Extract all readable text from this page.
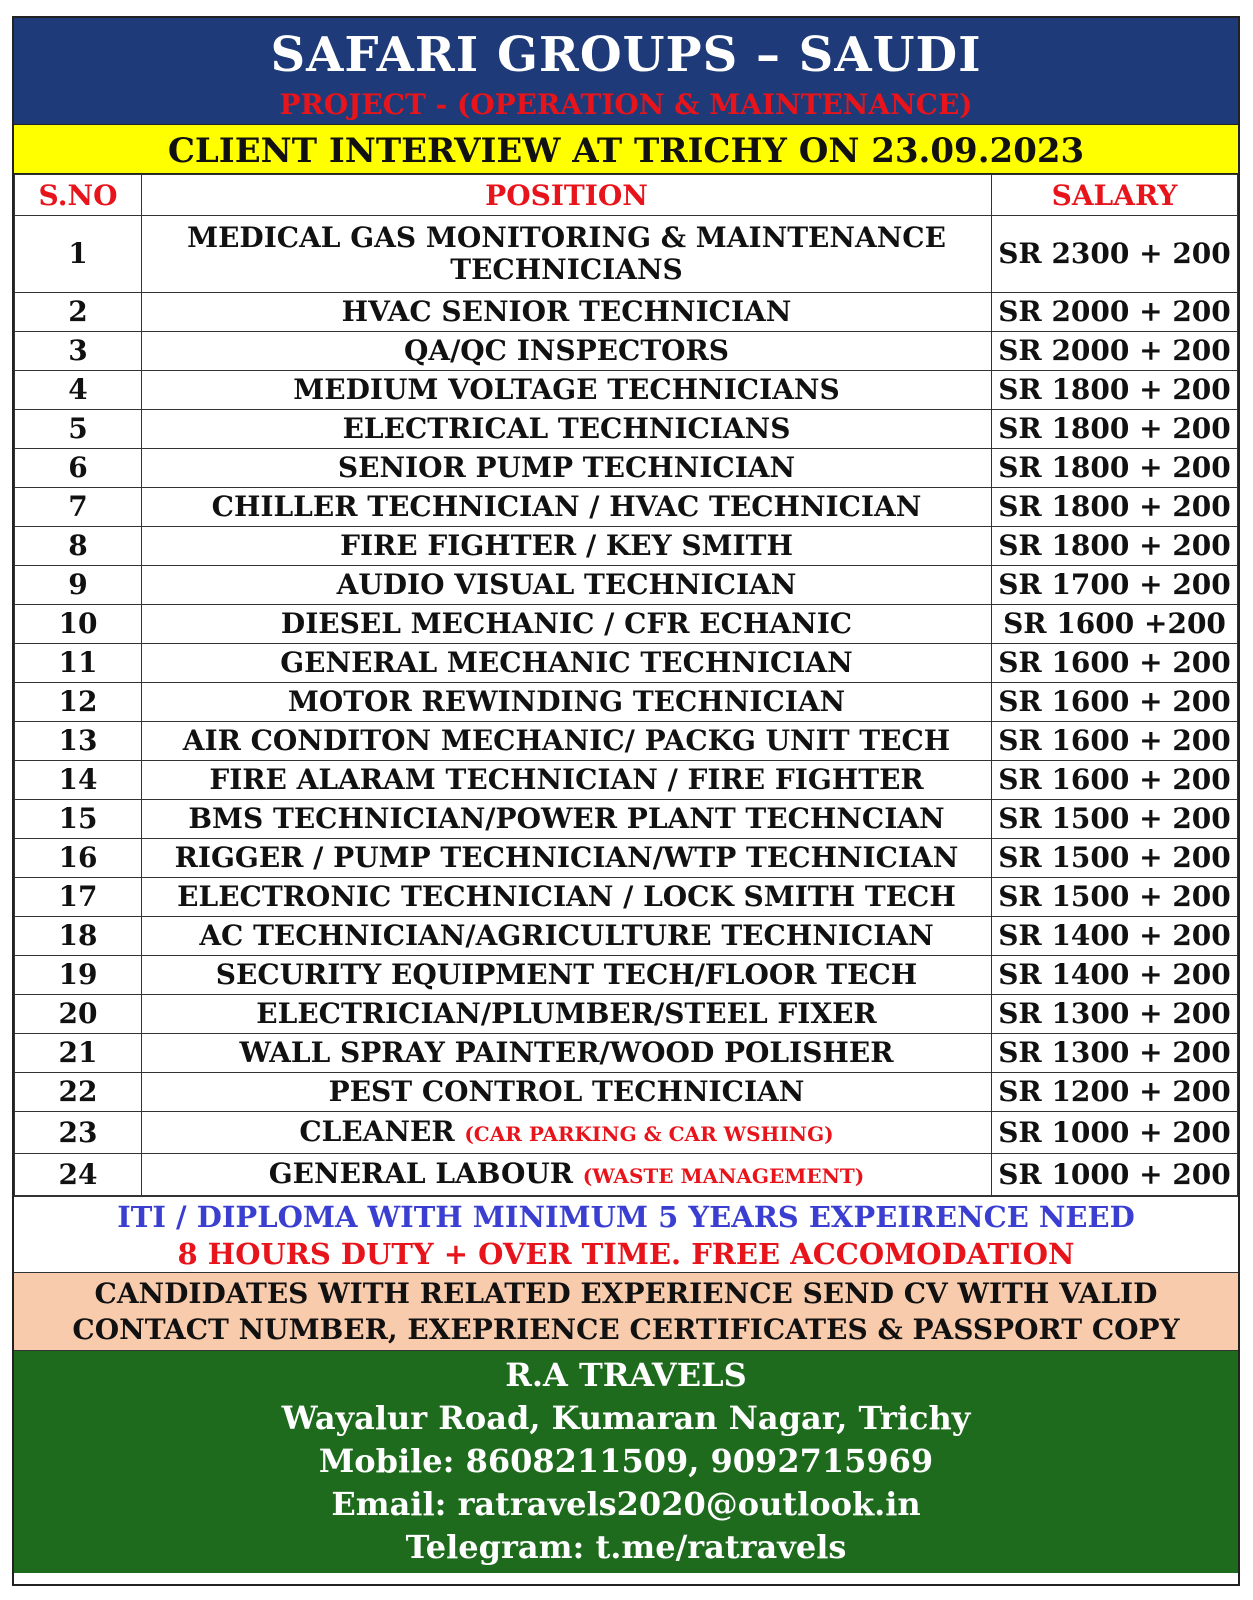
SAFARI GROUPS – SAUDI
PROJECT - (OPERATION & MAINTENANCE)
CLIENT INTERVIEW AT TRICHY ON 23.09.2023
S.NO	POSITION	SALARY
1	MEDICAL GAS MONITORING & MAINTENANCE TECHNICIANS	SR 2300 + 200
2	HVAC SENIOR TECHNICIAN	SR 2000 + 200
3	QA/QC INSPECTORS	SR 2000 + 200
4	MEDIUM VOLTAGE TECHNICIANS	SR 1800 + 200
5	ELECTRICAL TECHNICIANS	SR 1800 + 200
6	SENIOR PUMP TECHNICIAN	SR 1800 + 200
7	CHILLER TECHNICIAN / HVAC TECHNICIAN	SR 1800 + 200
8	FIRE FIGHTER / KEY SMITH	SR 1800 + 200
9	AUDIO VISUAL TECHNICIAN	SR 1700 + 200
10	DIESEL MECHANIC / CFR ECHANIC	SR 1600 +200
11	GENERAL MECHANIC TECHNICIAN	SR 1600 + 200
12	MOTOR REWINDING TECHNICIAN	SR 1600 + 200
13	AIR CONDITON MECHANIC/ PACKG UNIT TECH	SR 1600 + 200
14	FIRE ALARAM TECHNICIAN / FIRE FIGHTER	SR 1600 + 200
15	BMS TECHNICIAN/POWER PLANT TECHNCIAN	SR 1500 + 200
16	RIGGER / PUMP TECHNICIAN/WTP TECHNICIAN	SR 1500 + 200
17	ELECTRONIC TECHNICIAN / LOCK SMITH TECH	SR 1500 + 200
18	AC TECHNICIAN/AGRICULTURE TECHNICIAN	SR 1400 + 200
19	SECURITY EQUIPMENT TECH/FLOOR TECH	SR 1400 + 200
20	ELECTRICIAN/PLUMBER/STEEL FIXER	SR 1300 + 200
21	WALL SPRAY PAINTER/WOOD POLISHER	SR 1300 + 200
22	PEST CONTROL TECHNICIAN	SR 1200 + 200
23	CLEANER (CAR PARKING & CAR WSHING)	SR 1000 + 200
24	GENERAL LABOUR (WASTE MANAGEMENT)	SR 1000 + 200
ITI / DIPLOMA WITH MINIMUM 5 YEARS EXPEIRENCE NEED
8 HOURS DUTY + OVER TIME. FREE ACCOMODATION
CANDIDATES WITH RELATED EXPERIENCE SEND CV WITH VALID
CONTACT NUMBER, EXEPRIENCE CERTIFICATES & PASSPORT COPY
R.A TRAVELS
Wayalur Road, Kumaran Nagar, Trichy
Mobile: 8608211509, 9092715969
Email: ratravels2020@outlook.in
Telegram: t.me/ratravels
